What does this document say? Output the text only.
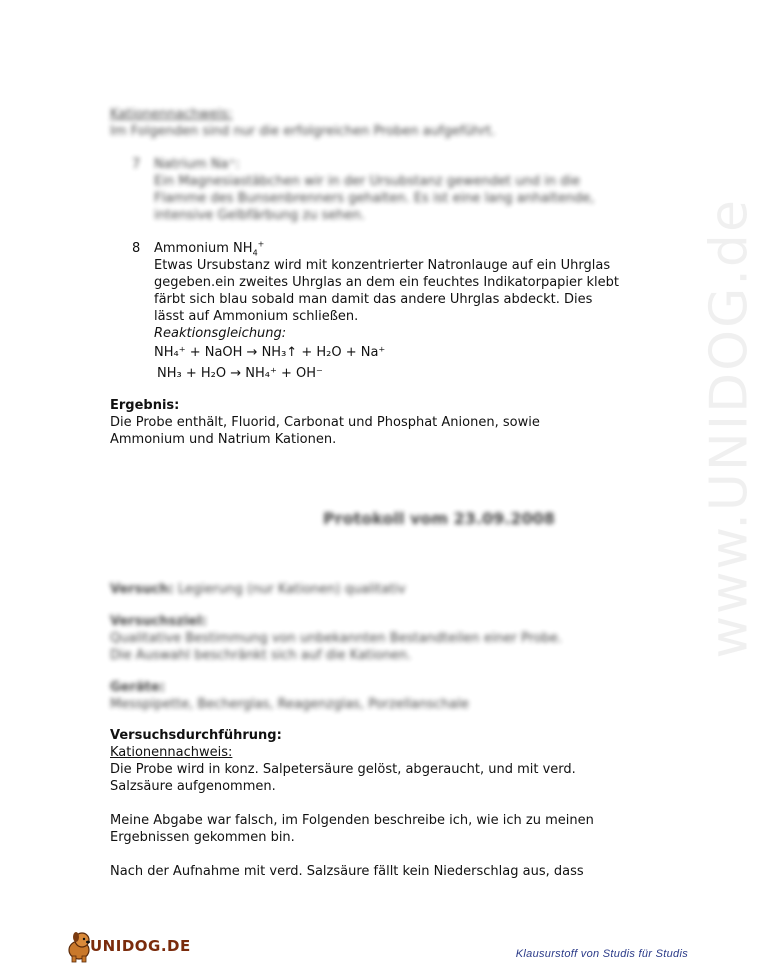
Kationennachweis:
Im Folgenden sind nur die erfolgreichen Proben aufgeführt.
7	Natrium Na⁺:
Ein Magnesiastäbchen wir in der Ursubstanz gewendet und in die
Flamme des Bunsenbrenners gehalten. Es ist eine lang anhaltende,
intensive Gelbfärbung zu sehen.
8	Ammonium $NH_4^+$
Etwas Ursubstanz wird mit konzentrierter Natronlauge auf ein Uhrglas
gegeben.ein zweites Uhrglas an dem ein feuchtes Indikatorpapier klebt
färbt sich blau sobald man damit das andere Uhrglas abdeckt. Dies
lässt auf Ammonium schließen.
Reaktionsgleichung:
NH₄⁺ + NaOH → NH₃↑ + H₂O + Na⁺
NH₃ + H₂O → NH₄⁺ + OH⁻
Ergebnis:
Die Probe enthält, Fluorid, Carbonat und Phosphat Anionen, sowie
Ammonium und Natrium Kationen.
Protokoll vom 23.09.2008
Versuch: Legierung (nur Kationen) qualitativ
Versuchsziel:
Qualitative Bestimmung von unbekannten Bestandteilen einer Probe.
Die Auswahl beschränkt sich auf die Kationen.
Geräte:
Messpipette, Becherglas, Reagenzglas, Porzellanschale
Versuchsdurchführung:
Kationennachweis:
Die Probe wird in konz. Salpetersäure gelöst, abgeraucht, und mit verd.
Salzsäure aufgenommen.
Meine Abgabe war falsch, im Folgenden beschreibe ich, wie ich zu meinen
Ergebnissen gekommen bin.
Nach der Aufnahme mit verd. Salzsäure fällt kein Niederschlag aus, dass
www.UNIDOG.de
UNIDOG.DE	Klausurstoff von Studis für Studis
